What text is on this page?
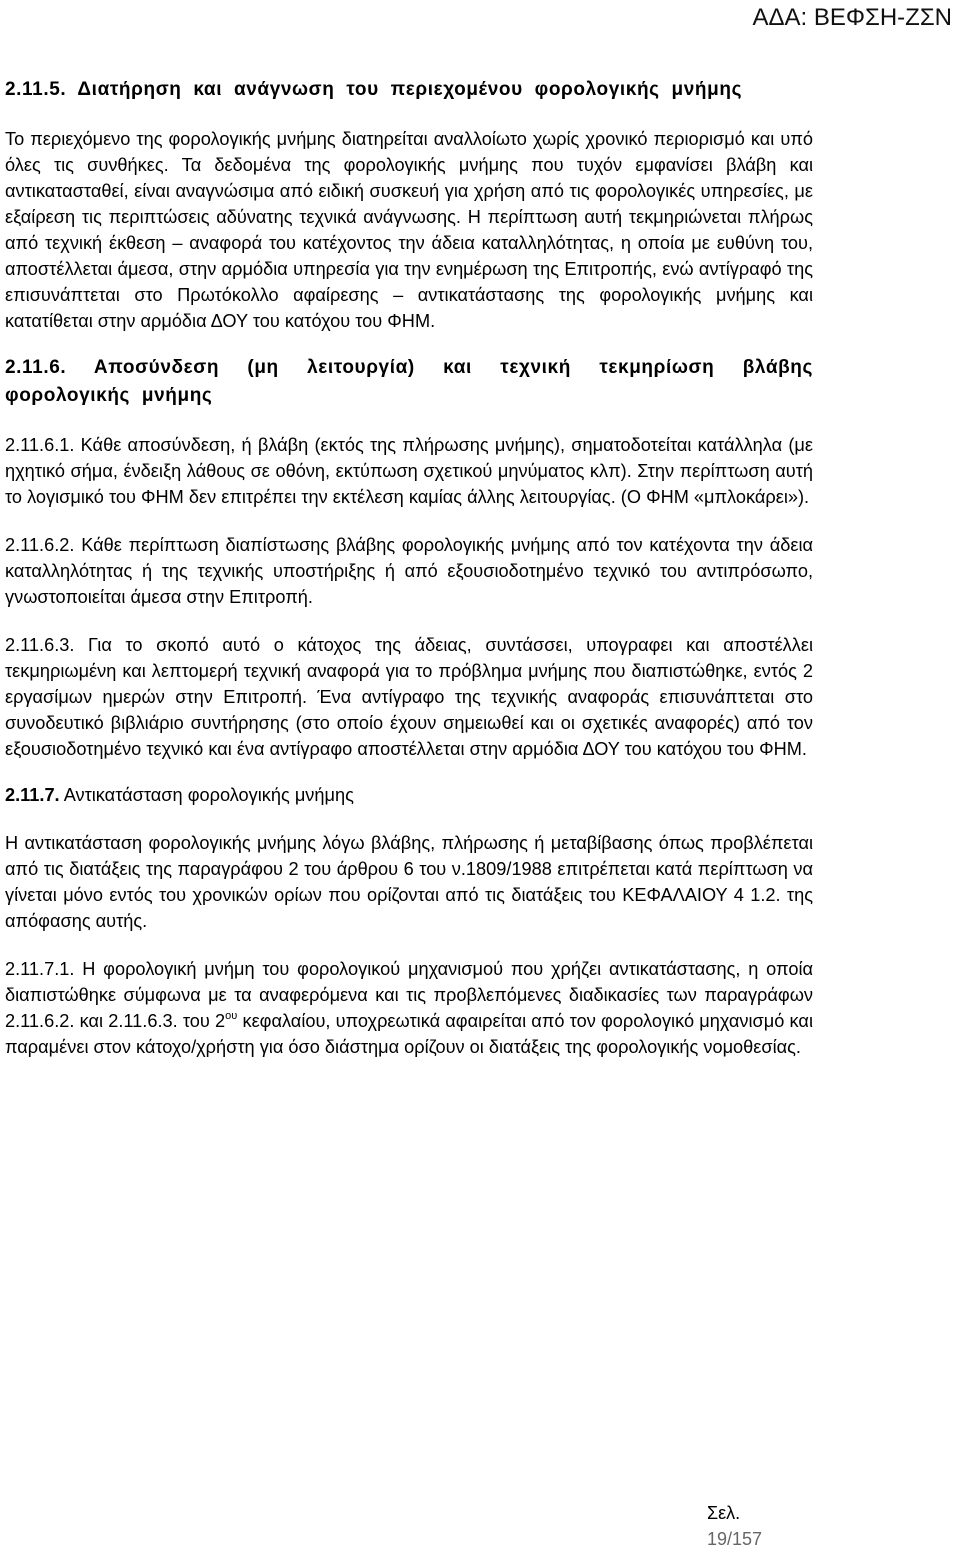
ΑΔΑ: ΒΕΦΣΗ-ΖΣΝ
2.11.5. Διατήρηση και ανάγνωση του περιεχομένου φορολογικής μνήμης
Το περιεχόμενο της φορολογικής μνήμης διατηρείται αναλλοίωτο χωρίς χρονικό περιορισμό και υπό όλες τις συνθήκες. Τα δεδομένα της φορολογικής μνήμης που τυχόν εμφανίσει βλάβη και αντικατασταθεί, είναι αναγνώσιμα από ειδική συσκευή για χρήση από τις φορολογικές υπηρεσίες, με εξαίρεση τις περιπτώσεις αδύνατης τεχνικά ανάγνωσης. Η περίπτωση αυτή τεκμηριώνεται πλήρως από τεχνική έκθεση – αναφορά του κατέχοντος την άδεια καταλληλότητας, η οποία με ευθύνη του, αποστέλλεται άμεσα, στην αρμόδια υπηρεσία για την ενημέρωση της Επιτροπής, ενώ αντίγραφό της επισυνάπτεται στο Πρωτόκολλο αφαίρεσης – αντικατάστασης της φορολογικής μνήμης και κατατίθεται στην αρμόδια ΔΟΥ του κατόχου του ΦΗΜ.
2.11.6. Αποσύνδεση (μη λειτουργία) και τεχνική τεκμηρίωση βλάβης φορολογικής μνήμης
2.11.6.1. Κάθε αποσύνδεση, ή βλάβη (εκτός της πλήρωσης μνήμης), σηματοδοτείται κατάλληλα (με ηχητικό σήμα, ένδειξη λάθους σε οθόνη, εκτύπωση σχετικού μηνύματος κλπ). Στην περίπτωση αυτή το λογισμικό του ΦΗΜ δεν επιτρέπει την εκτέλεση καμίας άλλης λειτουργίας. (Ο ΦΗΜ «μπλοκάρει»).
2.11.6.2. Κάθε περίπτωση διαπίστωσης βλάβης φορολογικής μνήμης από τον κατέχοντα την άδεια καταλληλότητας ή της τεχνικής υποστήριξης ή από εξουσιοδοτημένο τεχνικό του αντιπρόσωπο, γνωστοποιείται άμεσα στην Επιτροπή.
2.11.6.3. Για το σκοπό αυτό ο κάτοχος της άδειας, συντάσσει, υπογραφει και αποστέλλει τεκμηριωμένη και λεπτομερή τεχνική αναφορά για το πρόβλημα μνήμης που διαπιστώθηκε, εντός 2 εργασίμων ημερών στην Επιτροπή. Ένα αντίγραφο της τεχνικής αναφοράς επισυνάπτεται στο συνοδευτικό βιβλιάριο συντήρησης (στο οποίο έχουν σημειωθεί και οι σχετικές αναφορές) από τον εξουσιοδοτημένο τεχνικό και ένα αντίγραφο αποστέλλεται στην αρμόδια ΔΟΥ του κατόχου του ΦΗΜ.
2.11.7. Αντικατάσταση φορολογικής μνήμης
Η αντικατάσταση φορολογικής μνήμης λόγω βλάβης, πλήρωσης ή μεταβίβασης όπως προβλέπεται από τις διατάξεις της παραγράφου 2 του άρθρου 6 του ν.1809/1988 επιτρέπεται κατά περίπτωση να γίνεται μόνο εντός του χρονικών ορίων που ορίζονται από τις διατάξεις του ΚΕΦΑΛΑΙΟΥ 4 1.2. της απόφασης αυτής.
2.11.7.1. Η φορολογική μνήμη του φορολογικού μηχανισμού που χρήζει αντικατάστασης, η οποία διαπιστώθηκε σύμφωνα με τα αναφερόμενα και τις προβλεπόμενες διαδικασίες των παραγράφων 2.11.6.2. και 2.11.6.3. του $2^{o\upsilon}$ κεφαλαίου, υποχρεωτικά αφαιρείται από τον φορολογικό μηχανισμό και παραμένει στον κάτοχο/χρήστη για όσο διάστημα ορίζουν οι διατάξεις της φορολογικής νομοθεσίας.
Σελ.
19/157
